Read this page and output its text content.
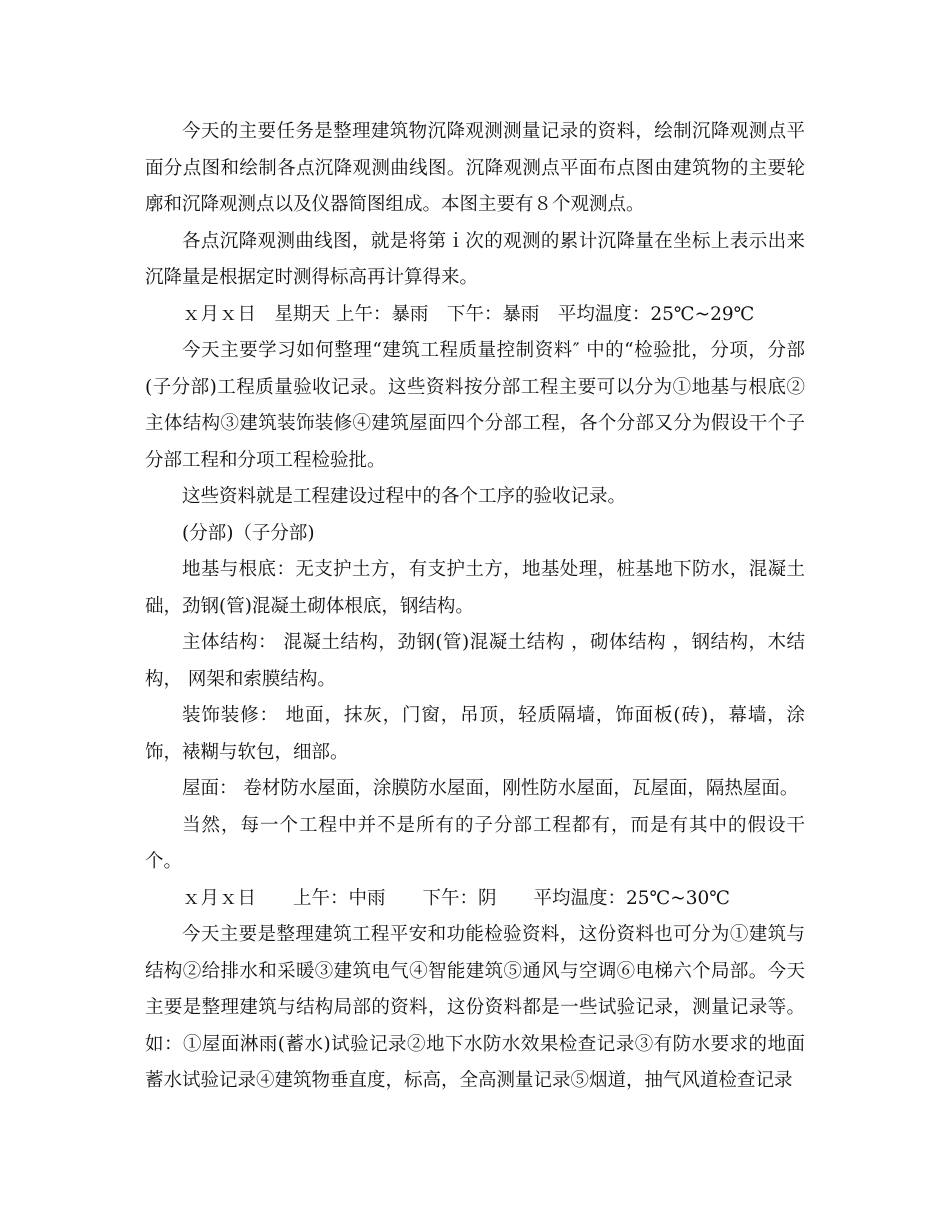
今天的主要任务是整理建筑物沉降观测测量记录的资料，绘制沉降观测点平面分点图和绘制各点沉降观测曲线图。沉降观测点平面布点图由建筑物的主要轮廓和沉降观测点以及仪器简图组成。本图主要有８个观测点。

各点沉降观测曲线图，就是将第ｉ次的观测的累计沉降量在坐标上表示出来沉降量是根据定时测得标高再计算得来。

ｘ月ｘ日　星期天 上午：暴雨　下午：暴雨　平均温度：25℃~29℃

今天主要学习如何整理“建筑工程质量控制资料″ 中的“检验批，分项，分部(子分部)工程质量验收记录。这些资料按分部工程主要可以分为①地基与根底②主体结构③建筑装饰装修④建筑屋面四个分部工程，各个分部又分为假设干个子分部工程和分项工程检验批。

这些资料就是工程建设过程中的各个工序的验收记录。

(分部)（子分部)

地基与根底：无支护土方，有支护土方，地基处理，桩基地下防水，混凝土础，劲钢(管)混凝土砌体根底，钢结构。

主体结构： 混凝土结构，劲钢(管)混凝土结构 ，砌体结构 ，钢结构，木结构， 网架和索膜结构。

装饰装修： 地面，抹灰，门窗，吊顶，轻质隔墙，饰面板(砖)，幕墙，涂饰，裱糊与软包，细部。

屋面： 卷材防水屋面，涂膜防水屋面，刚性防水屋面，瓦屋面，隔热屋面。

当然，每一个工程中并不是所有的子分部工程都有，而是有其中的假设干个。

ｘ月ｘ日　　上午：中雨　　下午：阴　　平均温度：25℃~30℃

今天主要是整理建筑工程平安和功能检验资料，这份资料也可分为①建筑与结构②给排水和采暖③建筑电气④智能建筑⑤通风与空调⑥电梯六个局部。今天主要是整理建筑与结构局部的资料，这份资料都是一些试验记录，测量记录等。如：①屋面淋雨(蓄水)试验记录②地下水防水效果检查记录③有防水要求的地面蓄水试验记录④建筑物垂直度，标高，全高测量记录⑤烟道，抽气风道检查记录
